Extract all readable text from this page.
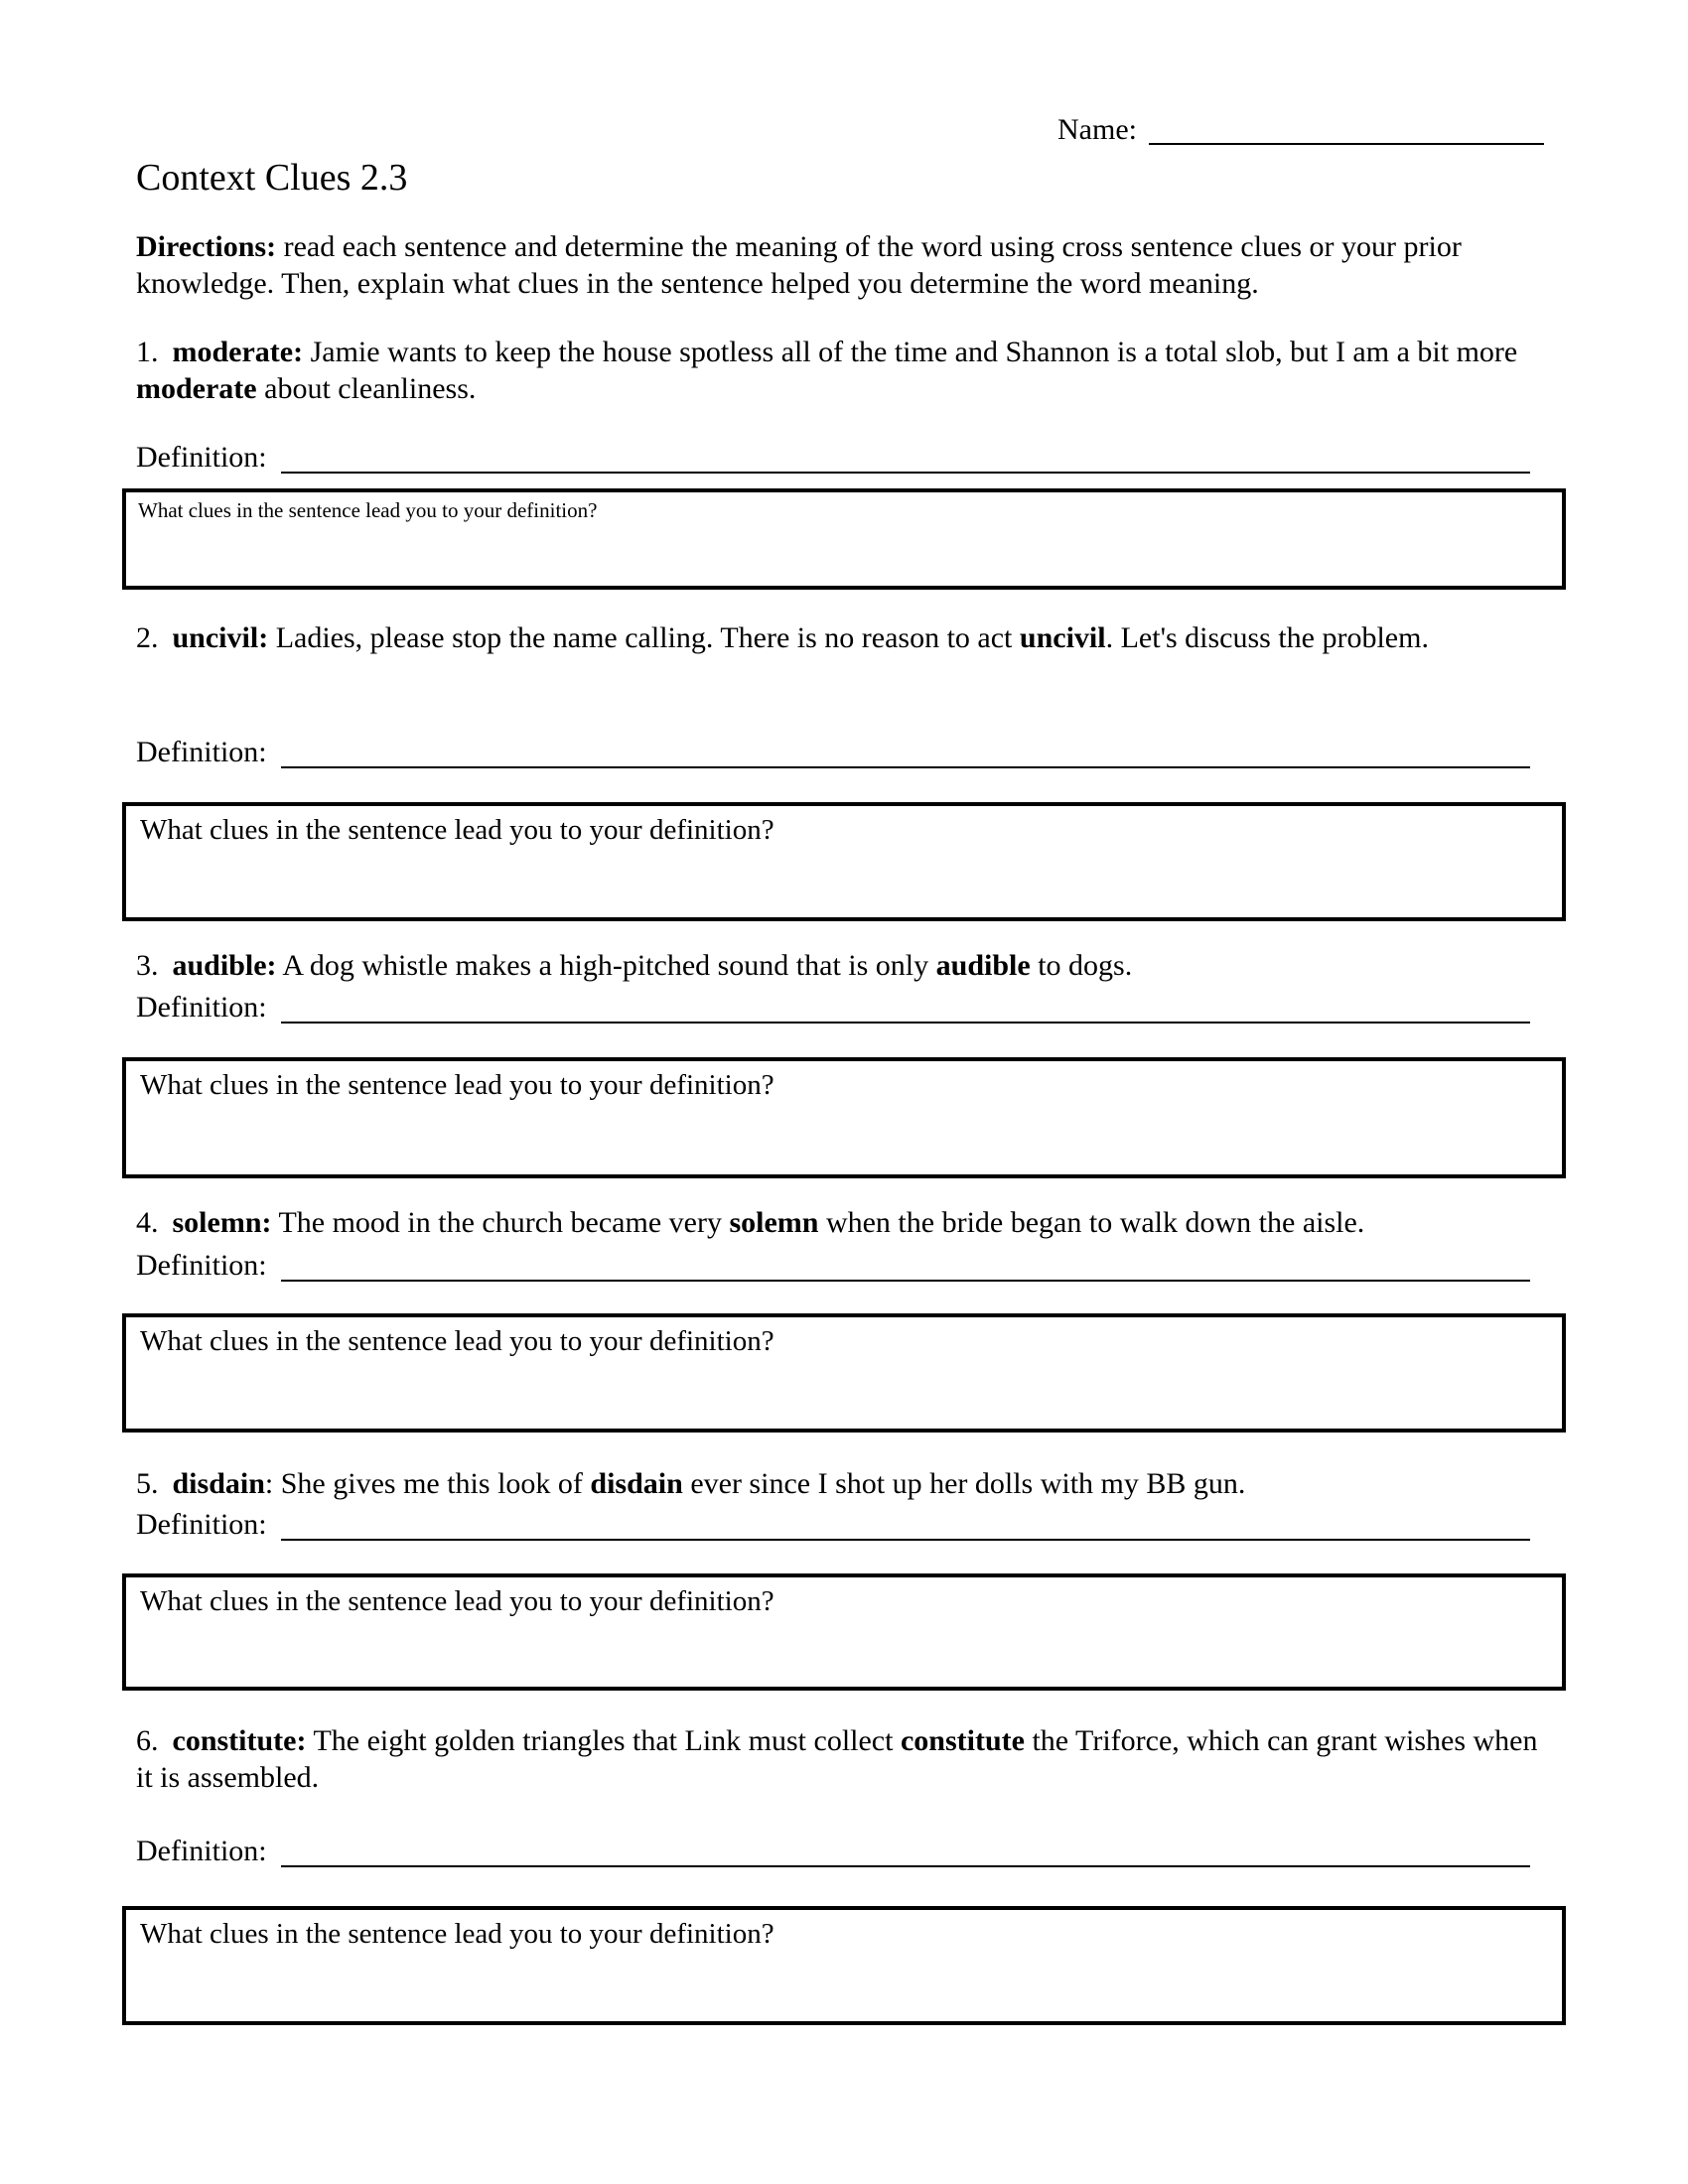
Name:
Context Clues 2.3
Directions: read each sentence and determine the meaning of the word using cross sentence clues or your prior knowledge. Then, explain what clues in the sentence helped you determine the word meaning.
1. moderate: Jamie wants to keep the house spotless all of the time and Shannon is a total slob, but I am a bit more moderate about cleanliness.
Definition:
What clues in the sentence lead you to your definition?
2. uncivil: Ladies, please stop the name calling. There is no reason to act uncivil. Let's discuss the problem.
Definition:
What clues in the sentence lead you to your definition?
3. audible: A dog whistle makes a high-pitched sound that is only audible to dogs.
Definition:
What clues in the sentence lead you to your definition?
4. solemn: The mood in the church became very solemn when the bride began to walk down the aisle.
Definition:
What clues in the sentence lead you to your definition?
5. disdain: She gives me this look of disdain ever since I shot up her dolls with my BB gun.
Definition:
What clues in the sentence lead you to your definition?
6. constitute: The eight golden triangles that Link must collect constitute the Triforce, which can grant wishes when it is assembled.
Definition:
What clues in the sentence lead you to your definition?
